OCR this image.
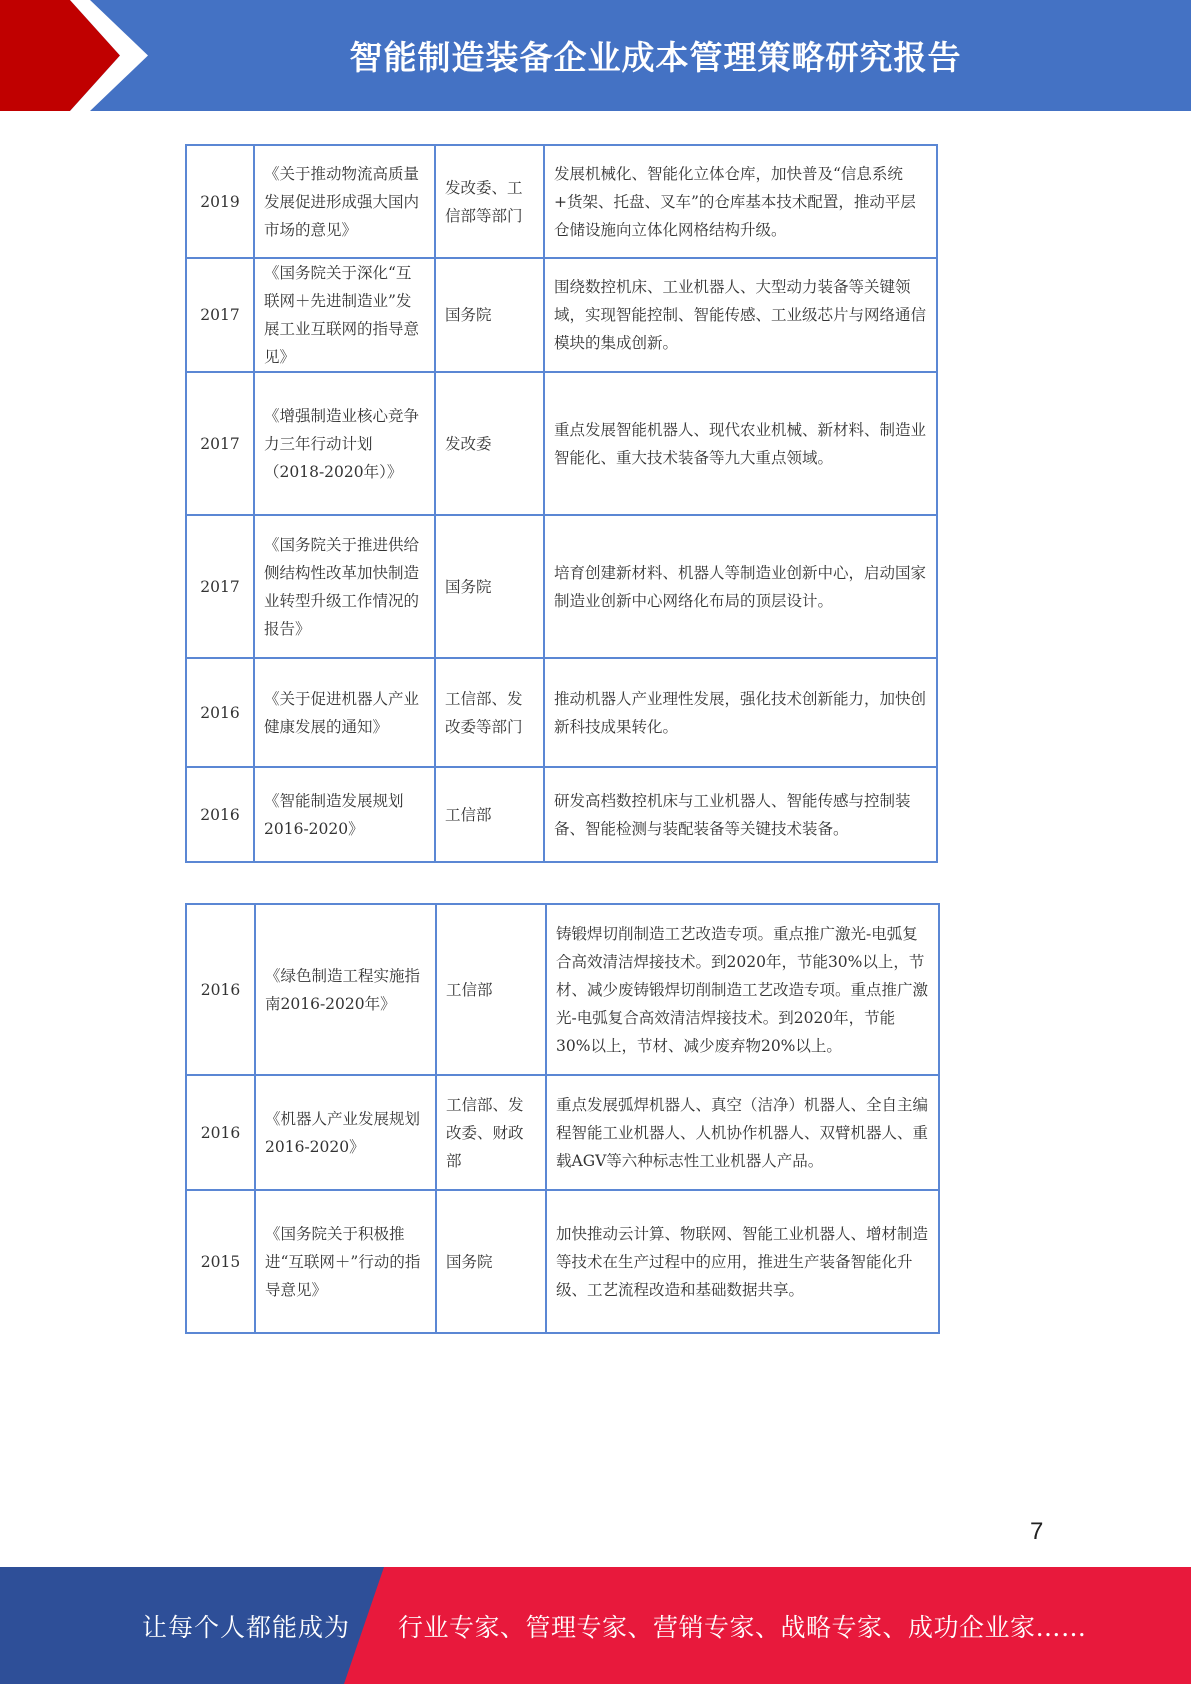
智能制造装备企业成本管理策略研究报告
2019	《关于推动物流高质量发展促进形成强大国内市场的意见》	发改委、工信部等部门	发展机械化、智能化立体仓库，加快普及“信息系统+货架、托盘、叉车”的仓库基本技术配置，推动平层仓储设施向立体化网格结构升级。
2017	《国务院关于深化“互联网＋先进制造业”发展工业互联网的指导意见》	国务院	围绕数控机床、工业机器人、大型动力装备等关键领域，实现智能控制、智能传感、工业级芯片与网络通信模块的集成创新。
2017	《增强制造业核心竞争力三年行动计划（2018-2020年）》	发改委	重点发展智能机器人、现代农业机械、新材料、制造业智能化、重大技术装备等九大重点领域。
2017	《国务院关于推进供给侧结构性改革加快制造业转型升级工作情况的报告》	国务院	培育创建新材料、机器人等制造业创新中心，启动国家制造业创新中心网络化布局的顶层设计。
2016	《关于促进机器人产业健康发展的通知》	工信部、发改委等部门	推动机器人产业理性发展，强化技术创新能力，加快创新科技成果转化。
2016	《智能制造发展规划2016-2020》	工信部	研发高档数控机床与工业机器人、智能传感与控制装备、智能检测与装配装备等关键技术装备。
2016	《绿色制造工程实施指南2016-2020年》	工信部	铸锻焊切削制造工艺改造专项。重点推广激光-电弧复合高效清洁焊接技术。到2020年，节能30%以上，节材、减少废铸锻焊切削制造工艺改造专项。重点推广激光-电弧复合高效清洁焊接技术。到2020年，节能30%以上，节材、减少废弃物20%以上。
2016	《机器人产业发展规划2016-2020》	工信部、发改委、财政部	重点发展弧焊机器人、真空（洁净）机器人、全自主编程智能工业机器人、人机协作机器人、双臂机器人、重载AGV等六种标志性工业机器人产品。
2015	《国务院关于积极推进“互联网＋”行动的指导意见》	国务院	加快推动云计算、物联网、智能工业机器人、增材制造等技术在生产过程中的应用，推进生产装备智能化升级、工艺流程改造和基础数据共享。
7
让每个人都能成为 行业专家、管理专家、营销专家、战略专家、成功企业家……
